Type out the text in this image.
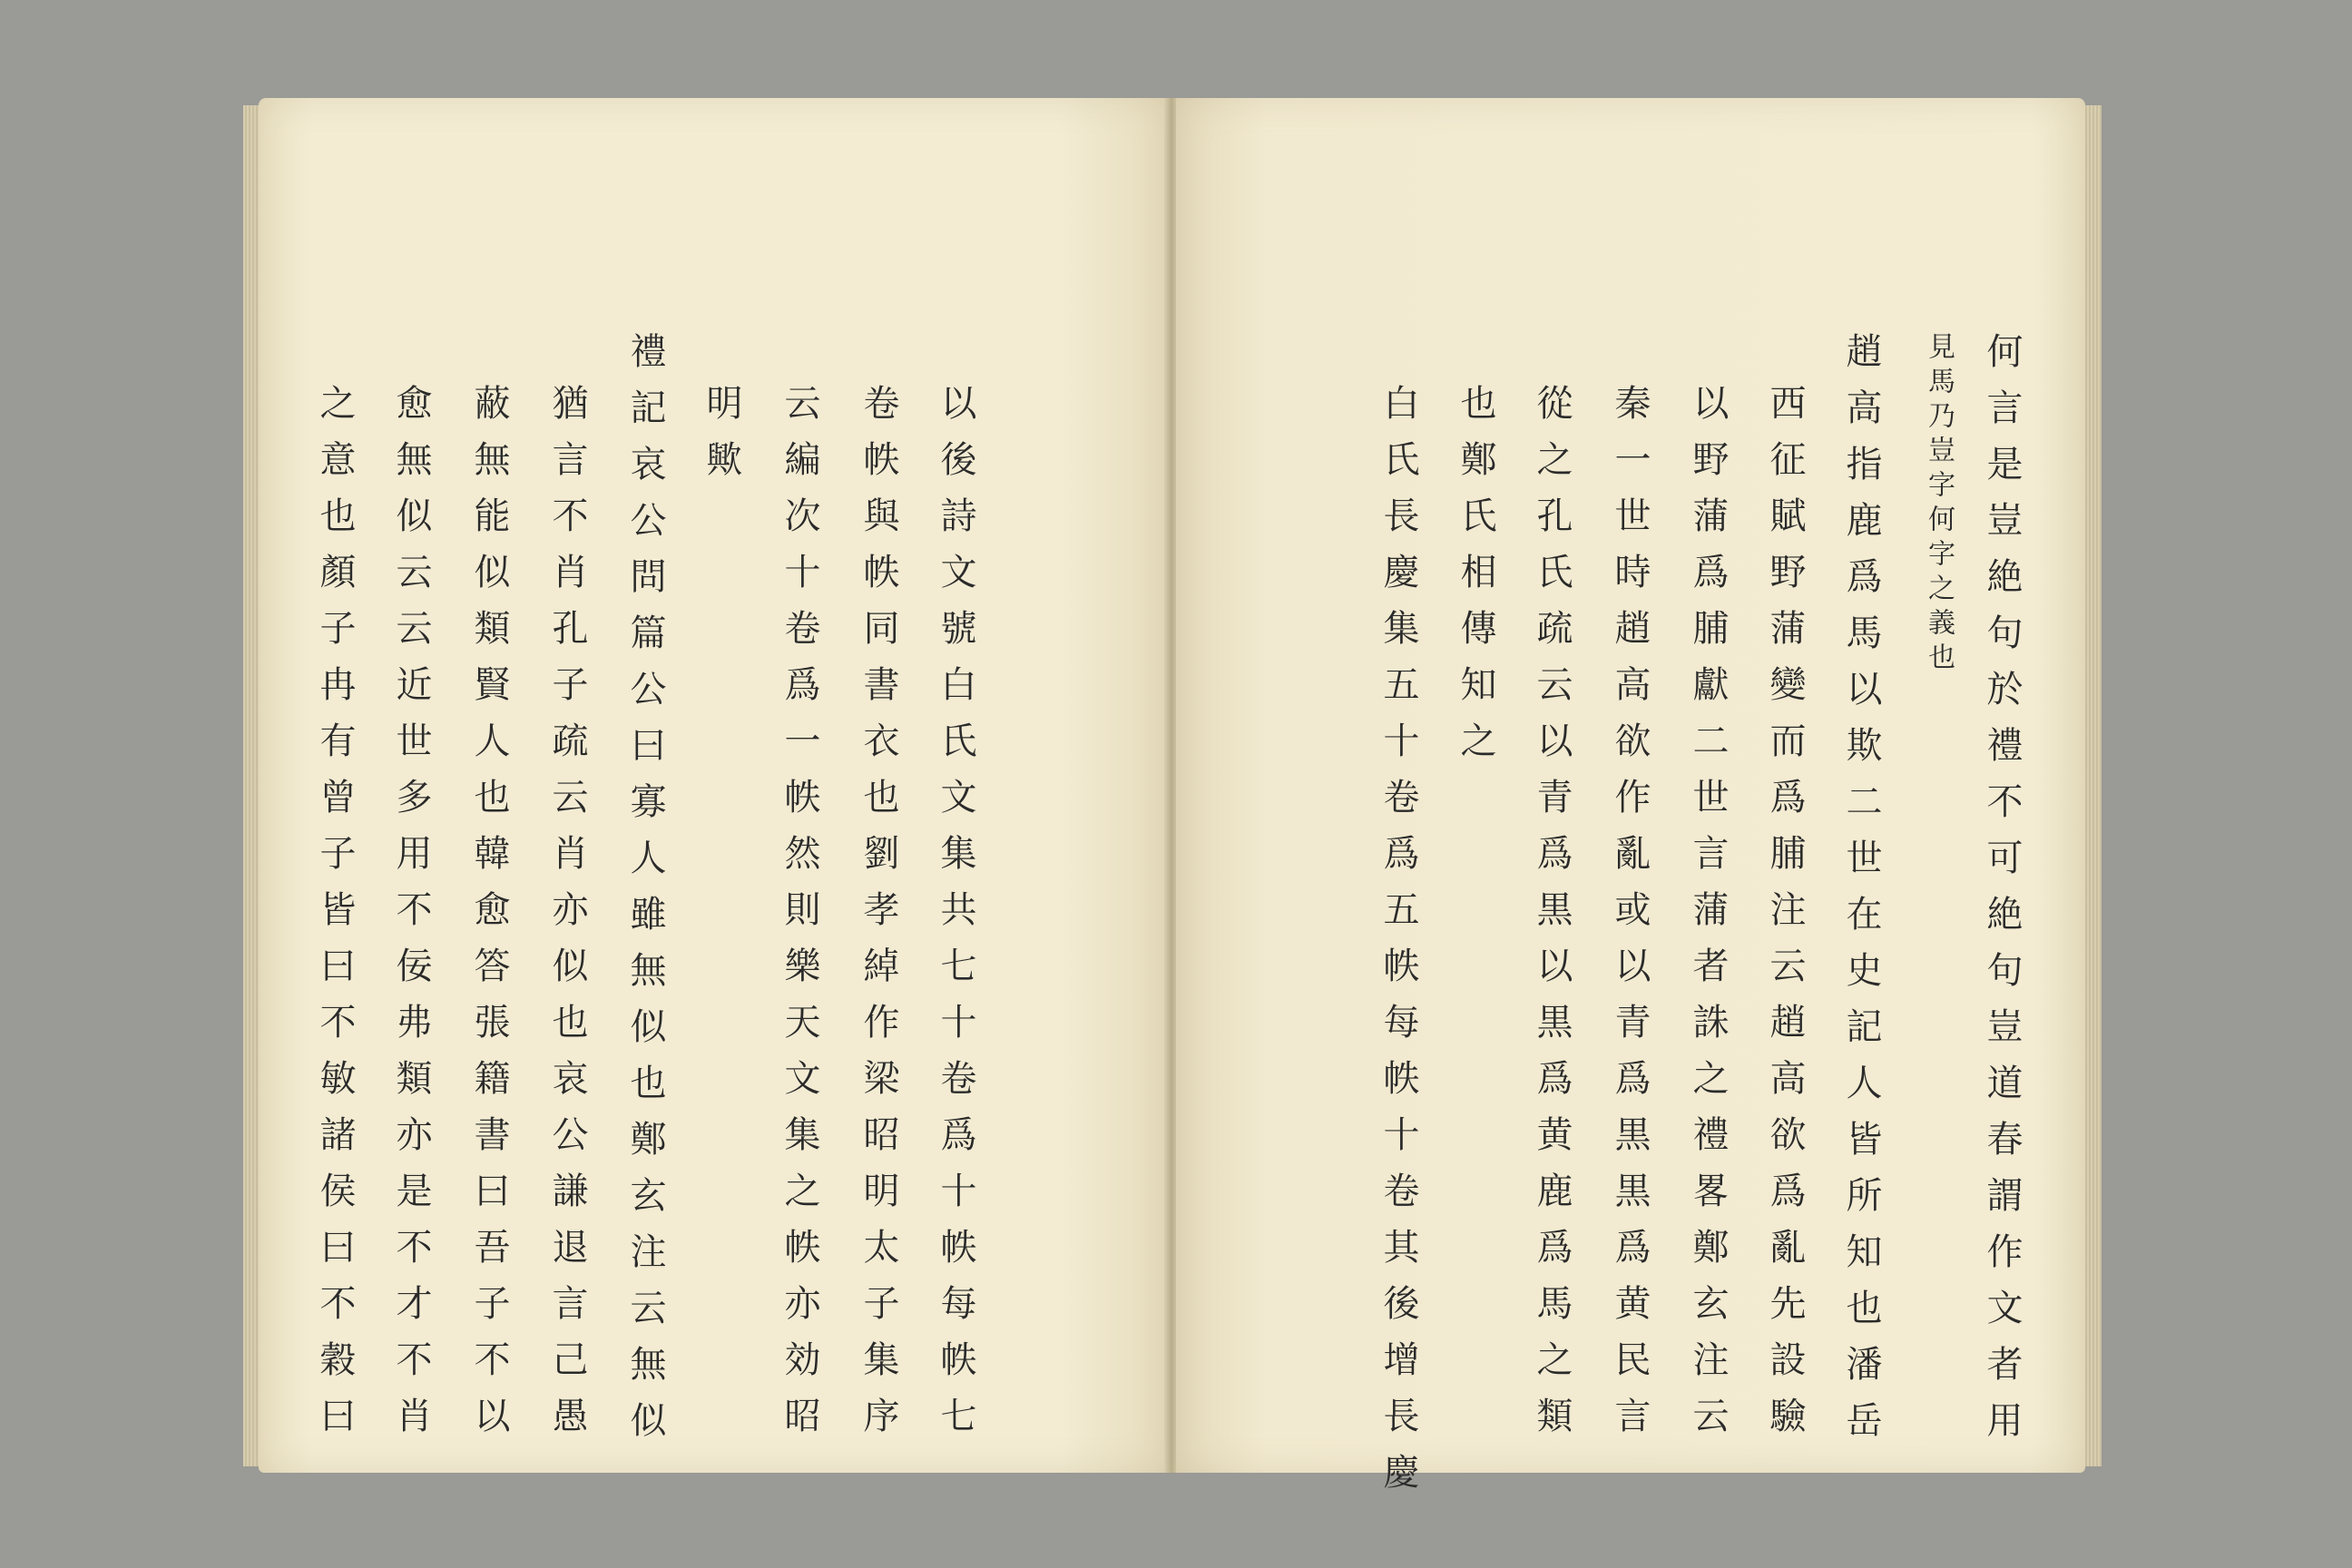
以後詩文號白氏文集共七十卷爲十帙每帙七
卷帙與帙同書衣也劉孝綽作梁昭明太子集序
云編次十卷爲一帙然則樂天文集之帙亦効昭
明歟
禮記哀公問篇公曰寡人雖無似也鄭玄注云無似
猶言不肖孔子疏云肖亦似也哀公謙退言己愚
蔽無能似類賢人也韓愈答張籍書曰吾子不以
愈無似云云近世多用不佞弗類亦是不才不肖
之意也顏子冉有曾子皆曰不敏諸侯曰不穀曰	何言是豈絶句於禮不可絶句豈道春謂作文者用
見馬乃豈字何字之義也
趙高指鹿爲馬以欺二世在史記人皆所知也潘岳
西征賦野蒲變而爲脯注云趙高欲爲亂先設驗
以野蒲爲脯獻二世言蒲者誅之禮畧鄭玄注云
秦一世時趙高欲作亂或以青爲黒黒爲黄民言
從之孔氏疏云以青爲黒以黒爲黄鹿爲馬之類
也鄭氏相傳知之
白氏長慶集五十卷爲五帙每帙十卷其後增長慶
